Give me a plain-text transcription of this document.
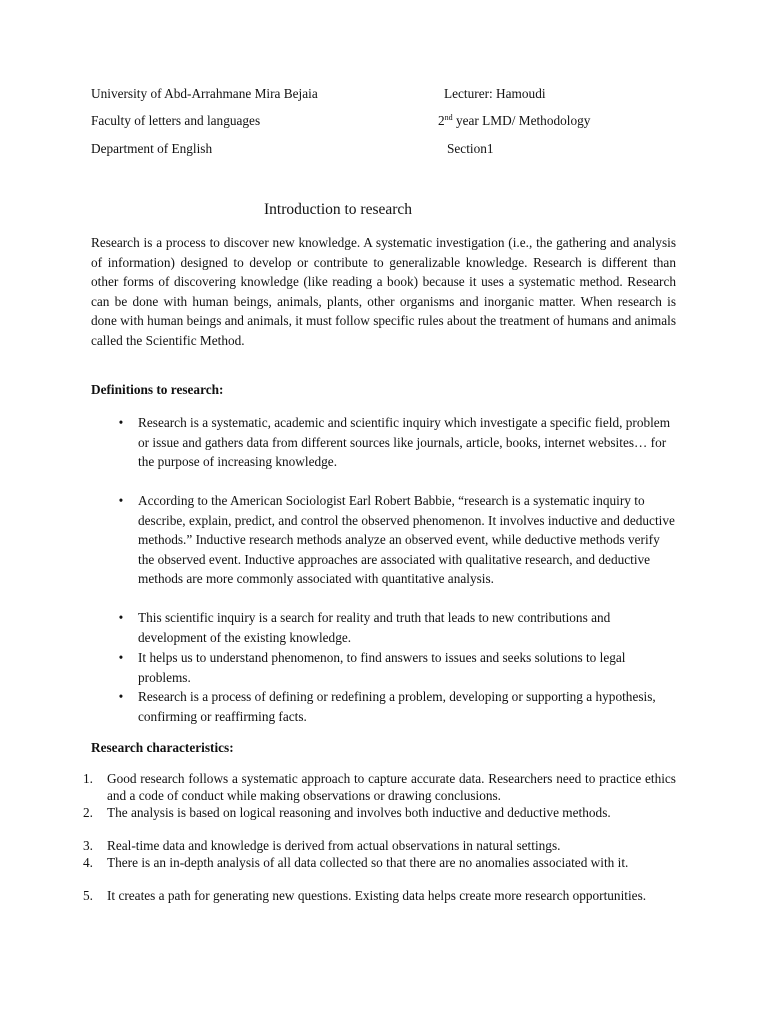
University of Abd-Arrahmane Mira Bejaia	Lecturer: Hamoudi
Faculty of letters and languages	2nd year LMD/ Methodology
Department of English	Section1
Introduction to research

Research is a process to discover new knowledge. A systematic investigation (i.e., the gathering and analysis of information) designed to develop or contribute to generalizable knowledge. Research is different than other forms of discovering knowledge (like reading a book) because it uses a systematic method. Research can be done with human beings, animals, plants, other organisms and inorganic matter. When research is done with human beings and animals, it must follow specific rules about the treatment of humans and animals called the Scientific Method.

Definitions to research:
• Research is a systematic, academic and scientific inquiry which investigate a specific field, problem or issue and gathers data from different sources like journals, article, books, internet websites… for the purpose of increasing knowledge.
• According to the American Sociologist Earl Robert Babbie, “research is a systematic inquiry to describe, explain, predict, and control the observed phenomenon. It involves inductive and deductive methods.” Inductive research methods analyze an observed event, while deductive methods verify the observed event. Inductive approaches are associated with qualitative research, and deductive methods are more commonly associated with quantitative analysis.
• This scientific inquiry is a search for reality and truth that leads to new contributions and development of the existing knowledge.
• It helps us to understand phenomenon, to find answers to issues and seeks solutions to legal problems.
• Research is a process of defining or redefining a problem, developing or supporting a hypothesis, confirming or reaffirming facts.
Research characteristics:
1.	Good research follows a systematic approach to capture accurate data. Researchers need to practice ethics and a code of conduct while making observations or drawing conclusions.
2.	The analysis is based on logical reasoning and involves both inductive and deductive methods.
3.	Real-time data and knowledge is derived from actual observations in natural settings.
4.	There is an in-depth analysis of all data collected so that there are no anomalies associated with it.
5.	It creates a path for generating new questions. Existing data helps create more research opportunities.
